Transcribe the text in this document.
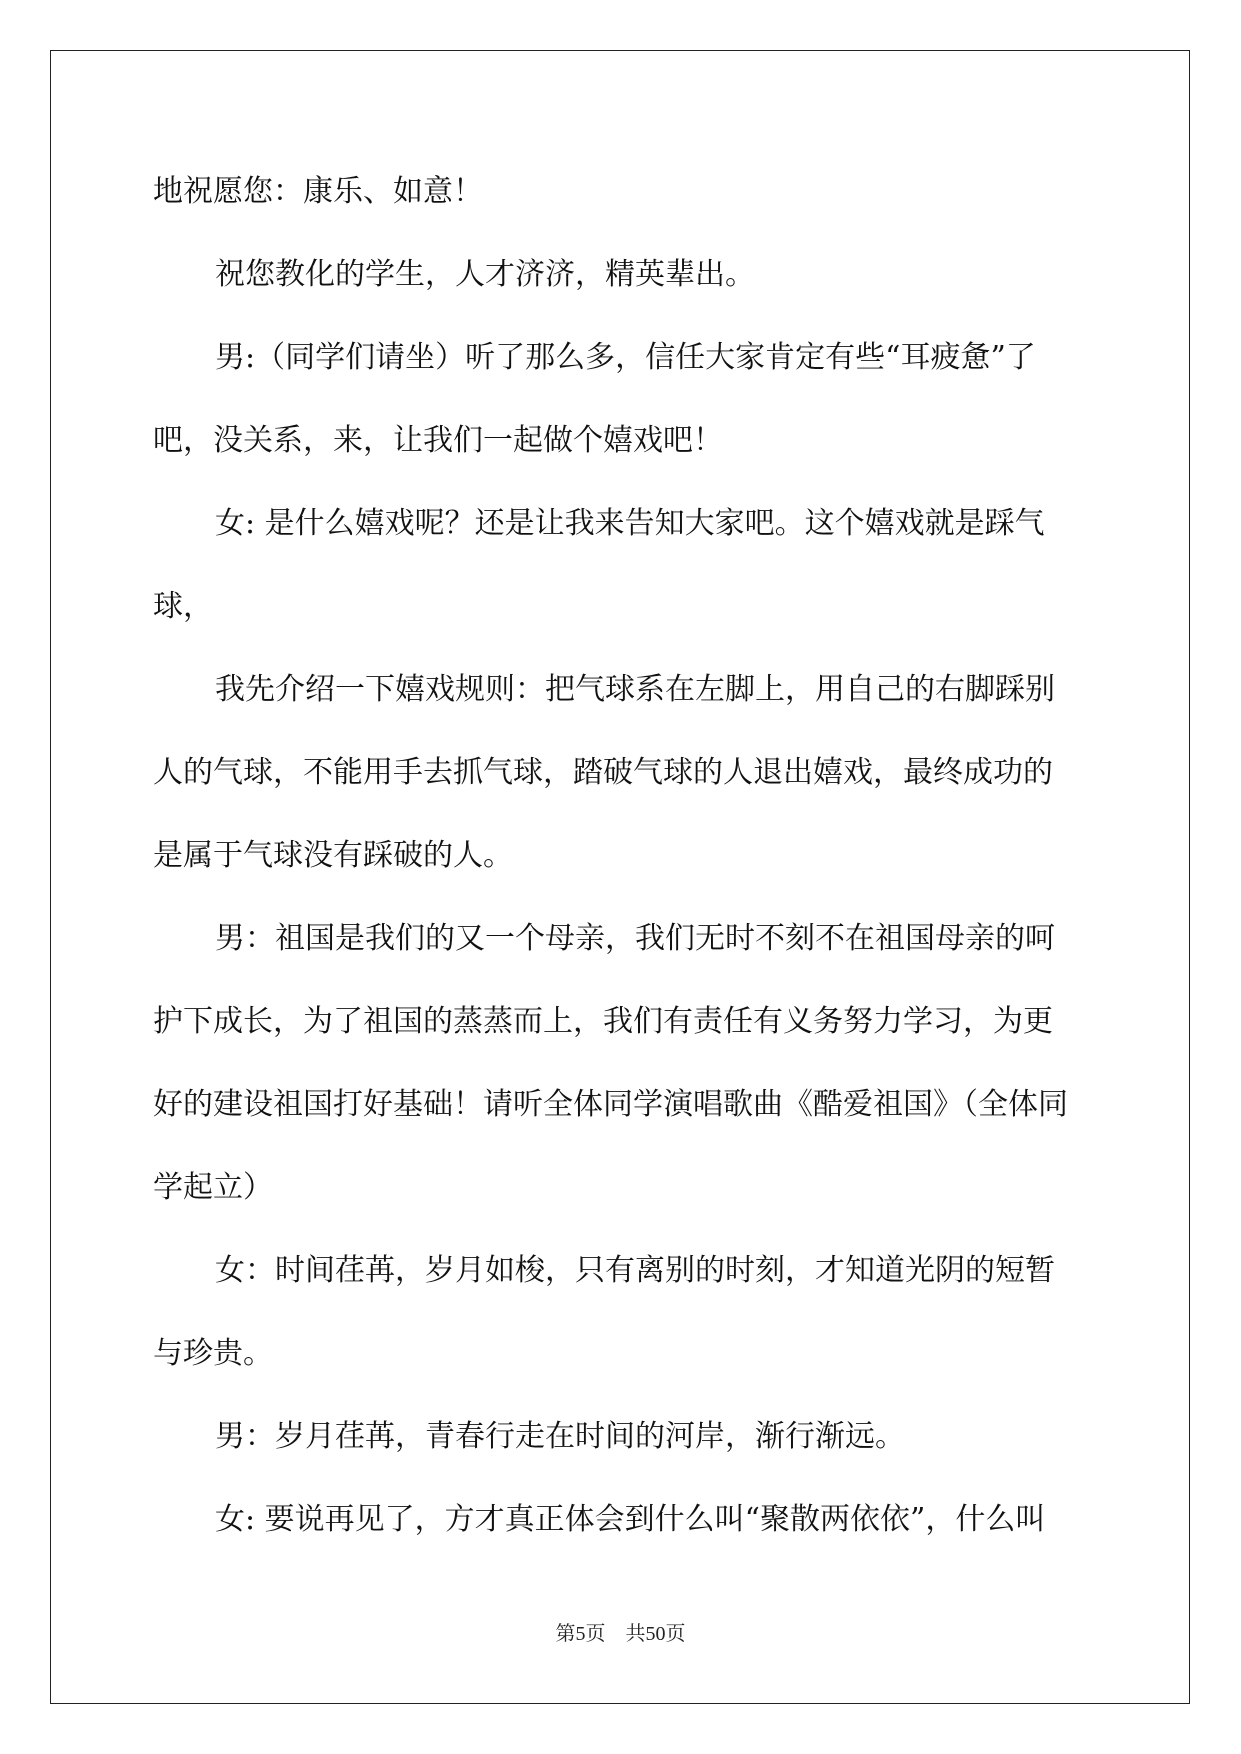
地祝愿您：康乐、如意！
祝您教化的学生，人才济济，精英辈出。
男:（同学们请坐）听了那么多，信任大家肯定有些“耳疲惫”了
吧，没关系，来，让我们一起做个嬉戏吧！
女: 是什么嬉戏呢？还是让我来告知大家吧。这个嬉戏就是踩气
球，
我先介绍一下嬉戏规则：把气球系在左脚上，用自己的右脚踩别
人的气球，不能用手去抓气球，踏破气球的人退出嬉戏，最终成功的
是属于气球没有踩破的人。
男：祖国是我们的又一个母亲，我们无时不刻不在祖国母亲的呵
护下成长，为了祖国的蒸蒸而上，我们有责任有义务努力学习，为更
好的建设祖国打好基础！请听全体同学演唱歌曲《酷爱祖国》（全体同
学起立）
女：时间荏苒，岁月如梭，只有离别的时刻，才知道光阴的短暂
与珍贵。
男：岁月荏苒，青春行走在时间的河岸，渐行渐远。
女: 要说再见了，方才真正体会到什么叫“聚散两依依”，什么叫
第5页    共50页
